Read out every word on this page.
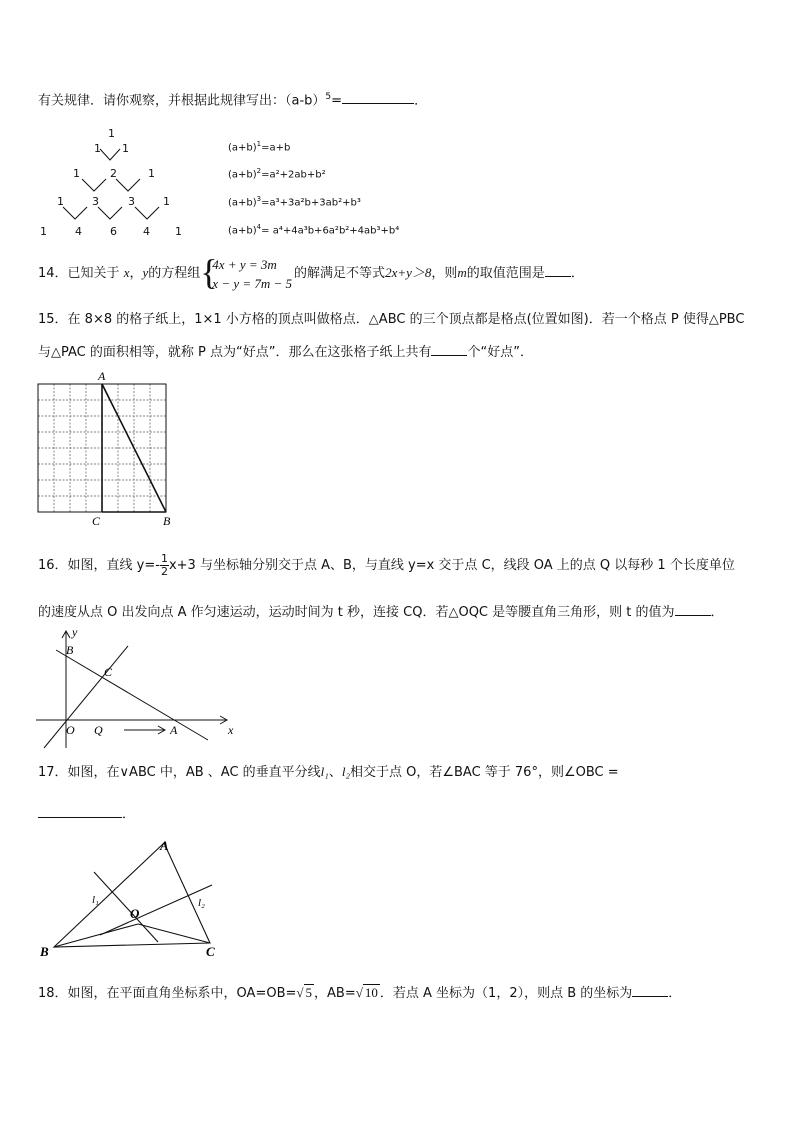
有关规律．请你观察，并根据此规律写出：$(a-b)^5=$	．
1
1 1
1	2	1
1	3	3	1
1	4	6 4 1
$(a+b)^1=a+b$
$(a+b)^2=a^2+2ab+b^2$
$(a+b)^3=a^3+3a^2b+3ab^2+b^3$
$(a+b)^4= a^4+4a^3b+6a^2b^2+4ab^3+b^4$
14．已知关于 x，y的方程组 {
4x + y = 3m
x − y = 7m − 5
的解满足不等式2x+y＞8，则m的取值范围是 ．
15．在 8×8 的格子纸上，1×1 小方格的顶点叫做格点．△ABC 的三个顶点都是格点(位置如图)．若一个格点 P 使得△PBC
与△PAC 的面积相等，就称 P 点为“好点”．那么在这张格子纸上共有	个“好点”．
A
C	B
16．如图，直线 $y=- \frac{1}{2} x+3$ 与坐标轴分别交于点 A、B，与直线 y=x 交于点 C，线段 OA 上的点 Q 以每秒 1 个长度单位
的速度从点 O 出发向点 A 作匀速运动，运动时间为 t 秒，连接 CQ．若△OQC 是等腰直角三角形，则 t 的值为	．
y
B
C
O Q	A	x
17．如图，在∨ABC 中，AB 、AC 的垂直平分线l₁、l₂相交于点 O，若∠BAC 等于 76°，则∠OBC =
．
A
l₁	l₂
O
B	C
18．如图，在平面直角坐标系中，OA=OB=√ 5 ，AB=√ 10 ．若点 A 坐标为（1，2），则点 B 的坐标为	．
